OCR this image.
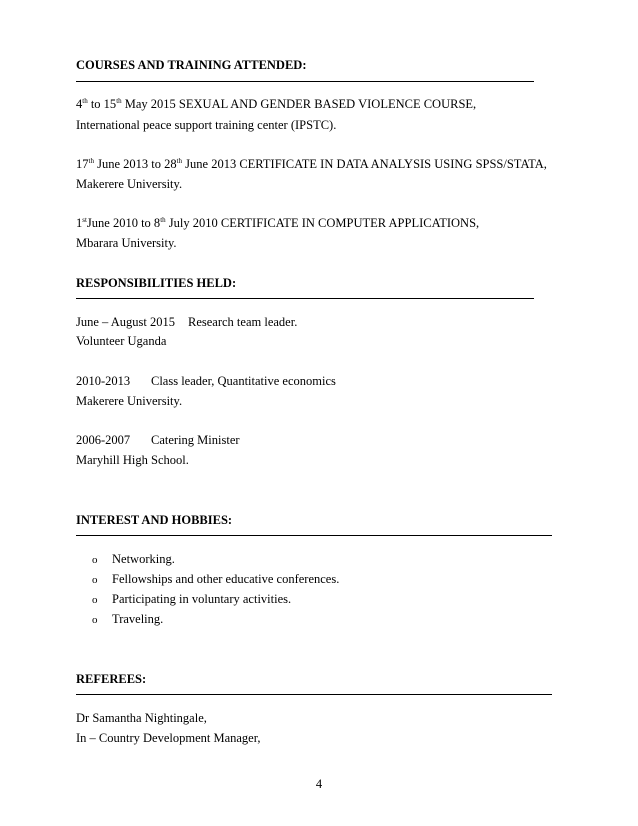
COURSES AND TRAINING ATTENDED:
4th to 15th May 2015 SEXUAL AND GENDER BASED VIOLENCE COURSE,
International peace support training center (IPSTC).
17th June 2013 to 28th June 2013 CERTIFICATE IN DATA ANALYSIS USING SPSS/STATA,
Makerere University.
1stJune 2010 to 8th July 2010 CERTIFICATE IN COMPUTER APPLICATIONS,
Mbarara University.
RESPONSIBILITIES HELD:
June – August 2015 Research team leader.
Volunteer Uganda
2010-2013 Class leader, Quantitative economics
Makerere University.
2006-2007 Catering Minister
Maryhill High School.
INTEREST AND HOBBIES:
o Networking.
o Fellowships and other educative conferences.
o Participating in voluntary activities.
o Traveling.
REFEREES:
Dr Samantha Nightingale,
In – Country Development Manager,
4
